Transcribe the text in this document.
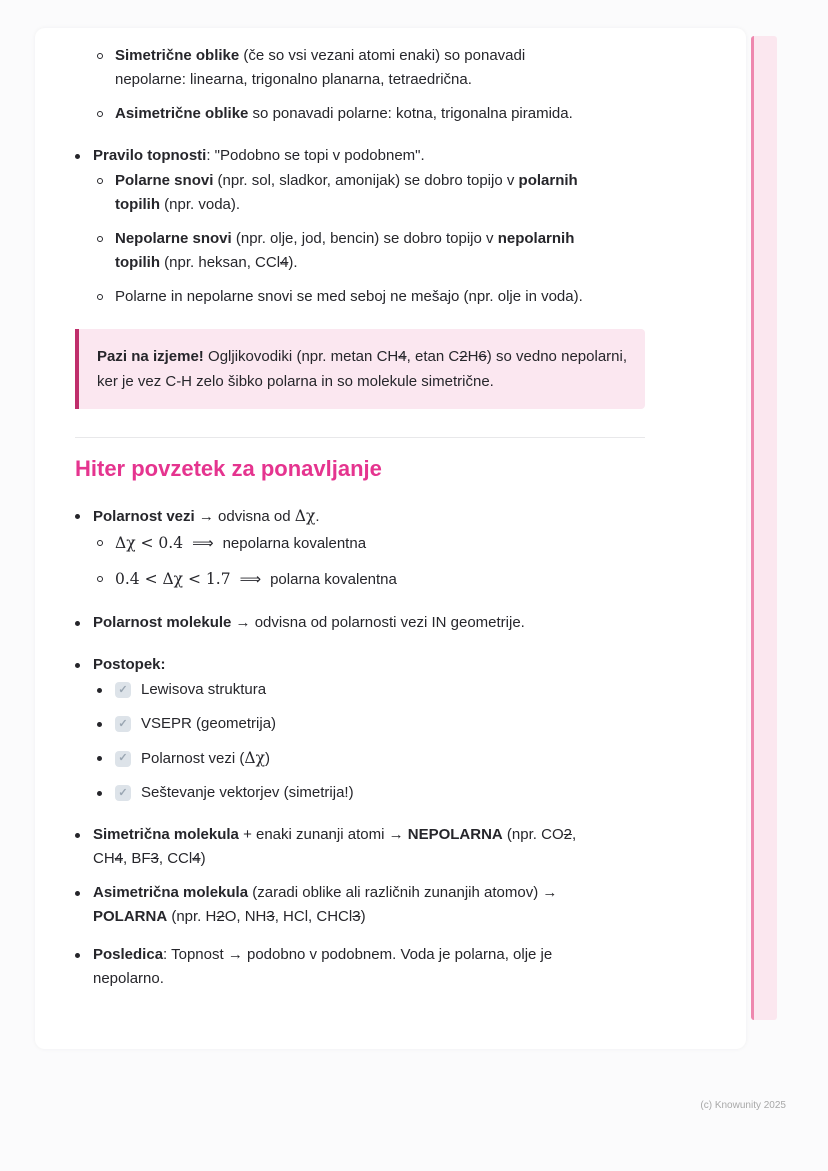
Simetrične oblike (če so vsi vezani atomi enaki) so ponavadi
nepolarne: linearna, trigonalno planarna, tetraedrična.
Asimetrične oblike so ponavadi polarne: kotna, trigonalna piramida.
Pravilo topnosti: "Podobno se topi v podobnem".
Polarne snovi (npr. sol, sladkor, amonijak) se dobro topijo v polarnih
topilih (npr. voda).
Nepolarne snovi (npr. olje, jod, bencin) se dobro topijo v nepolarnih
topilih (npr. heksan, CCl4).
Polarne in nepolarne snovi se med seboj ne mešajo (npr. olje in voda).
Pazi na izjeme! Ogljikovodiki (npr. metan CH4, etan C2H6) so vedno nepolarni, ker je vez C-H zelo šibko polarna in so molekule simetrične.
Hiter povzetek za ponavljanje
Polarnost vezi → odvisna od Δχ.
Δχ < 0.4 ⟹ nepolarna kovalentna
0.4 < Δχ < 1.7 ⟹ polarna kovalentna
Polarnost molekule → odvisna od polarnosti vezi IN geometrije.
Postopek:
✓ Lewisova struktura
✓ VSEPR (geometrija)
✓ Polarnost vezi (Δχ)
✓ Seštevanje vektorjev (simetrija!)
Simetrična molekula + enaki zunanji atomi → NEPOLARNA (npr. CO2,
CH4, BF3, CCl4)
Asimetrična molekula (zaradi oblike ali različnih zunanjih atomov) →
POLARNA (npr. H2O, NH3, HCl, CHCl3)
Posledica: Topnost → podobno v podobnem. Voda je polarna, olje je
nepolarno.
(c) Knowunity 2025
